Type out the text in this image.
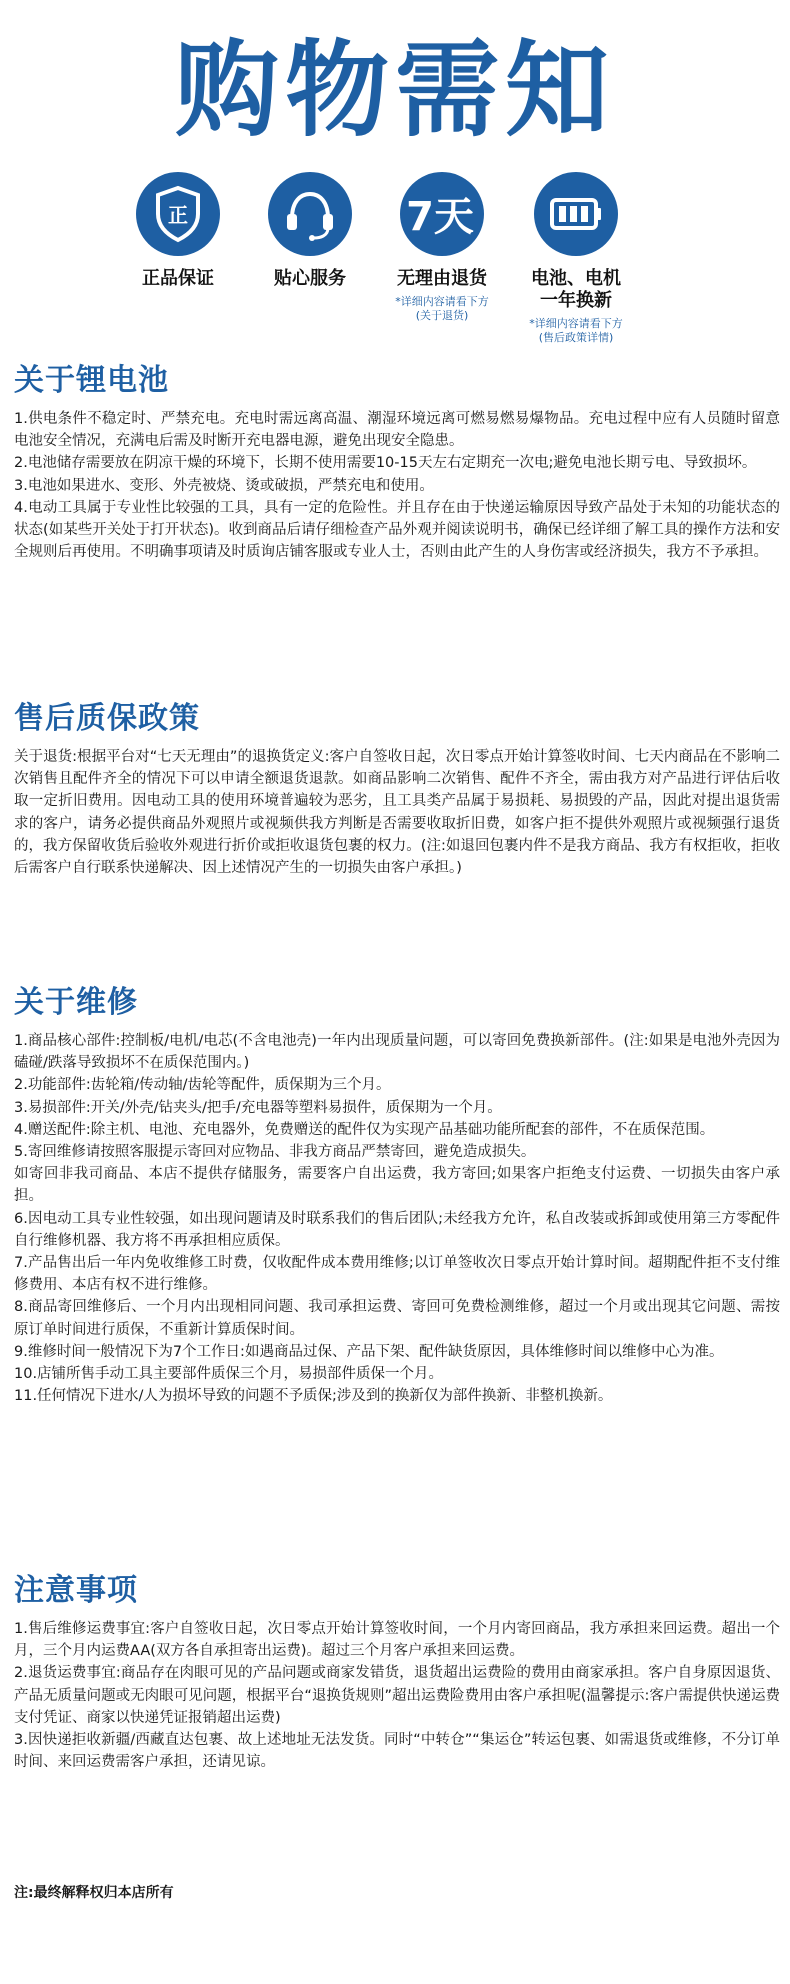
购物需知
正
正品保证	贴心服务
7天
无理由退货
*详细内容请看下方
(关于退货)
电池、电机
一年换新
*详细内容请看下方
(售后政策详情)
关于锂电池

1.供电条件不稳定时、严禁充电。充电时需远离高温、潮湿环境远离可燃易燃易爆物品。充电过程中应有人员随时留意电池安全情况，充满电后需及时断开充电器电源，避免出现安全隐患。

2.电池储存需要放在阴凉干燥的环境下，长期不使用需要10-15天左右定期充一次电;避免电池长期亏电、导致损坏。

3.电池如果进水、变形、外壳被烧、烫或破损，严禁充电和使用。

4.电动工具属于专业性比较强的工具，具有一定的危险性。并且存在由于快递运输原因导致产品处于未知的功能状态的状态(如某些开关处于打开状态)。收到商品后请仔细检查产品外观并阅读说明书，确保已经详细了解工具的操作方法和安全规则后再使用。不明确事项请及时质询店铺客服或专业人士，否则由此产生的人身伤害或经济损失，我方不予承担。

售后质保政策

关于退货:根据平台对“七天无理由”的退换货定义:客户自签收日起，次日零点开始计算签收时间、七天内商品在不影响二次销售且配件齐全的情况下可以申请全额退货退款。如商品影响二次销售、配件不齐全，需由我方对产品进行评估后收取一定折旧费用。因电动工具的使用环境普遍较为恶劣，且工具类产品属于易损耗、易损毁的产品，因此对提出退货需求的客户，请务必提供商品外观照片或视频供我方判断是否需要收取折旧费，如客户拒不提供外观照片或视频强行退货的，我方保留收货后验收外观进行折价或拒收退货包裹的权力。(注:如退回包裹内件不是我方商品、我方有权拒收，拒收后需客户自行联系快递解决、因上述情况产生的一切损失由客户承担。)

关于维修

1.商品核心部件:控制板/电机/电芯(不含电池壳)一年内出现质量问题，可以寄回免费换新部件。(注:如果是电池外壳因为磕碰/跌落导致损坏不在质保范围内。)

2.功能部件:齿轮箱/传动轴/齿轮等配件，质保期为三个月。

3.易损部件:开关/外壳/钻夹头/把手/充电器等塑料易损件，质保期为一个月。

4.赠送配件:除主机、电池、充电器外，免费赠送的配件仅为实现产品基础功能所配套的部件，不在质保范围。

5.寄回维修请按照客服提示寄回对应物品、非我方商品严禁寄回，避免造成损失。

如寄回非我司商品、本店不提供存储服务，需要客户自出运费，我方寄回;如果客户拒绝支付运费、一切损失由客户承担。

6.因电动工具专业性较强，如出现问题请及时联系我们的售后团队;未经我方允许，私自改装或拆卸或使用第三方零配件自行维修机器、我方将不再承担相应质保。

7.产品售出后一年内免收维修工时费，仅收配件成本费用维修;以订单签收次日零点开始计算时间。超期配件拒不支付维修费用、本店有权不进行维修。

8.商品寄回维修后、一个月内出现相同问题、我司承担运费、寄回可免费检测维修，超过一个月或出现其它问题、需按原订单时间进行质保，不重新计算质保时间。

9.维修时间一般情况下为7个工作日:如遇商品过保、产品下架、配件缺货原因，具体维修时间以维修中心为准。

10.店铺所售手动工具主要部件质保三个月，易损部件质保一个月。

11.任何情况下进水/人为损坏导致的问题不予质保;涉及到的换新仅为部件换新、非整机换新。

注意事项

1.售后维修运费事宜:客户自签收日起，次日零点开始计算签收时间，一个月内寄回商品，我方承担来回运费。超出一个月，三个月内运费AA(双方各自承担寄出运费)。超过三个月客户承担来回运费。

2.退货运费事宜:商品存在肉眼可见的产品问题或商家发错货，退货超出运费险的费用由商家承担。客户自身原因退货、产品无质量问题或无肉眼可见问题，根据平台“退换货规则”超出运费险费用由客户承担呢(温馨提示:客户需提供快递运费支付凭证、商家以快递凭证报销超出运费)

3.因快递拒收新疆/西藏直达包裹、故上述地址无法发货。同时“中转仓”“集运仓”转运包裹、如需退货或维修，不分订单时间、来回运费需客户承担，还请见谅。

注:最终解释权归本店所有
